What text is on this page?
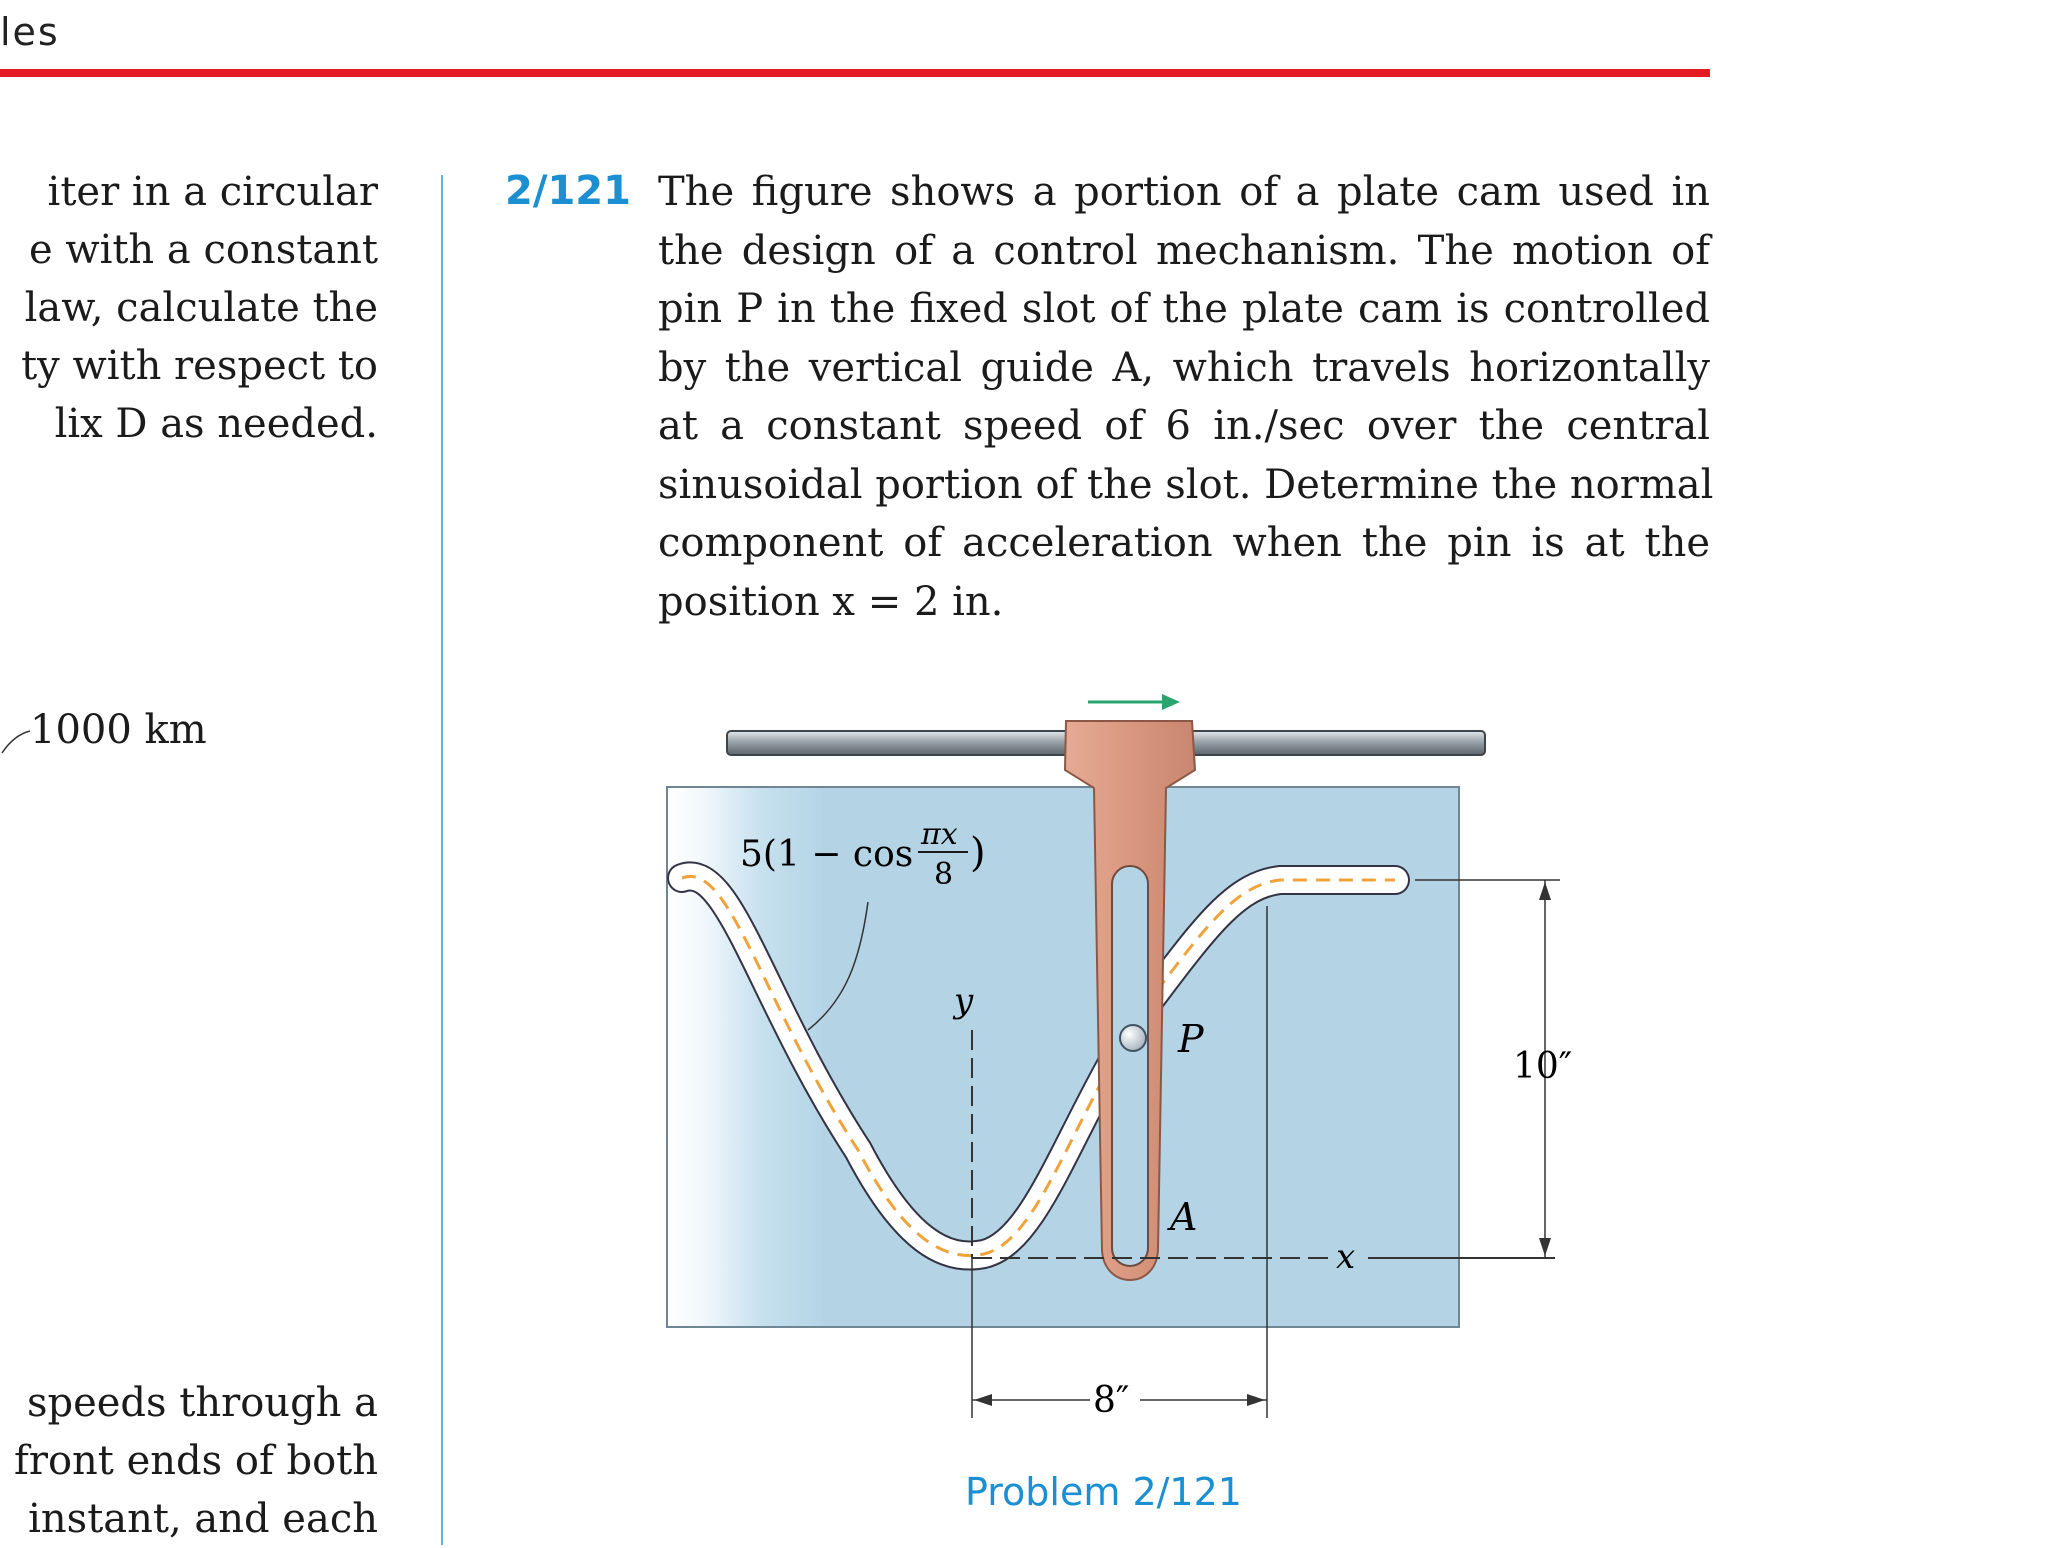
les
iter in a circular
e with a constant
law, calculate the
ty with respect to
lix D as needed.
1000 km
speeds through a
front ends of both
instant, and each
2/121 The figure shows a portion of a plate cam used in
the design of a control mechanism. The motion of
pin P in the fixed slot of the plate cam is controlled
by the vertical guide A, which travels horizontally
at a constant speed of 6 in./sec over the central
sinusoidal portion of the slot. Determine the normal
component of acceleration when the pin is at the
position x = 2 in.
5(1 − cos πx
8 )
y
x
P
A
10″
8″
Problem 2/121
